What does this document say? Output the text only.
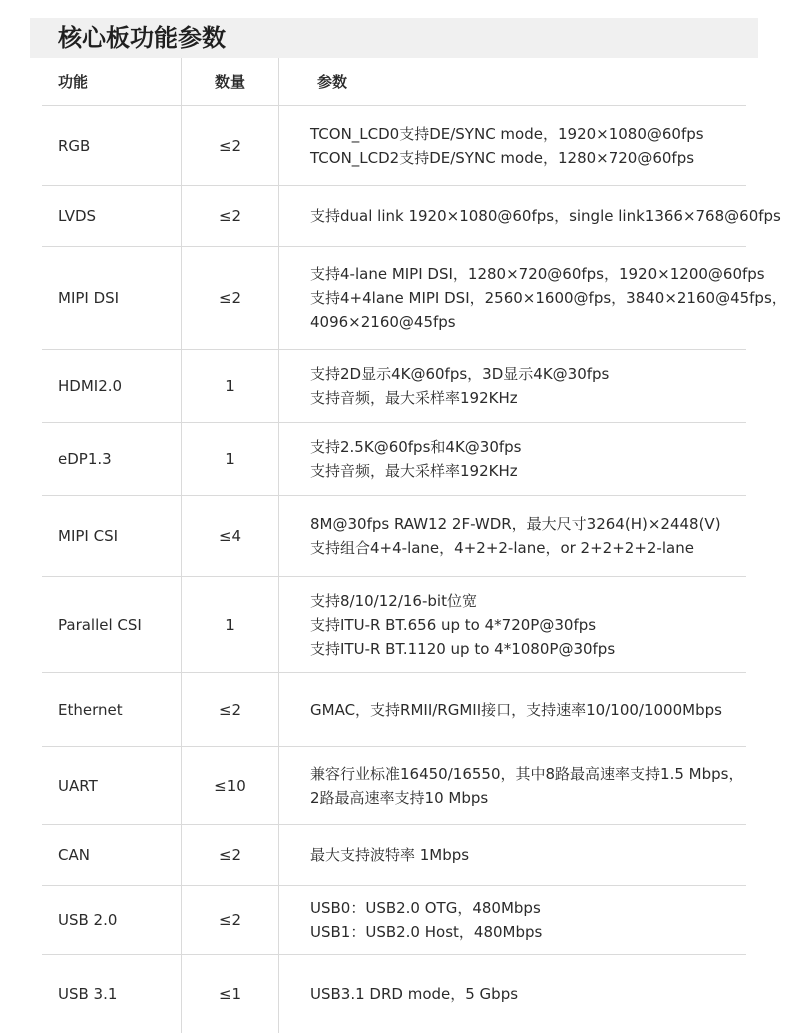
核心板功能参数
功能	数量	参数
RGB	≤2	TCON_LCD0支持DE/SYNC mode，1920×1080@60fps
TCON_LCD2支持DE/SYNC mode，1280×720@60fps

LVDS	≤2	支持dual link 1920×1080@60fps，single link1366×768@60fps

MIPI DSI	≤2	支持4-lane MIPI DSI，1280×720@60fps，1920×1200@60fps
支持4+4lane MIPI DSI，2560×1600@fps，3840×2160@45fps，
4096×2160@45fps

HDMI2.0	1	支持2D显示4K@60fps，3D显示4K@30fps
支持音频，最大采样率192KHz

eDP1.3	1	支持2.5K@60fps和4K@30fps
支持音频，最大采样率192KHz

MIPI CSI	≤4	8M@30fps RAW12 2F-WDR，最大尺寸3264(H)×2448(V)
支持组合4+4-lane，4+2+2-lane，or 2+2+2+2-lane

Parallel CSI	1	支持8/10/12/16-bit位宽
支持ITU-R BT.656 up to 4*720P@30fps
支持ITU-R BT.1120 up to 4*1080P@30fps

Ethernet	≤2	GMAC，支持RMII/RGMII接口，支持速率10/100/1000Mbps

UART	≤10	兼容行业标准16450/16550，其中8路最高速率支持1.5 Mbps，
2路最高速率支持10 Mbps

CAN	≤2	最大支持波特率 1Mbps

USB 2.0	≤2	USB0：USB2.0 OTG，480Mbps
USB1：USB2.0 Host，480Mbps

USB 3.1	≤1	USB3.1 DRD mode，5 Gbps
